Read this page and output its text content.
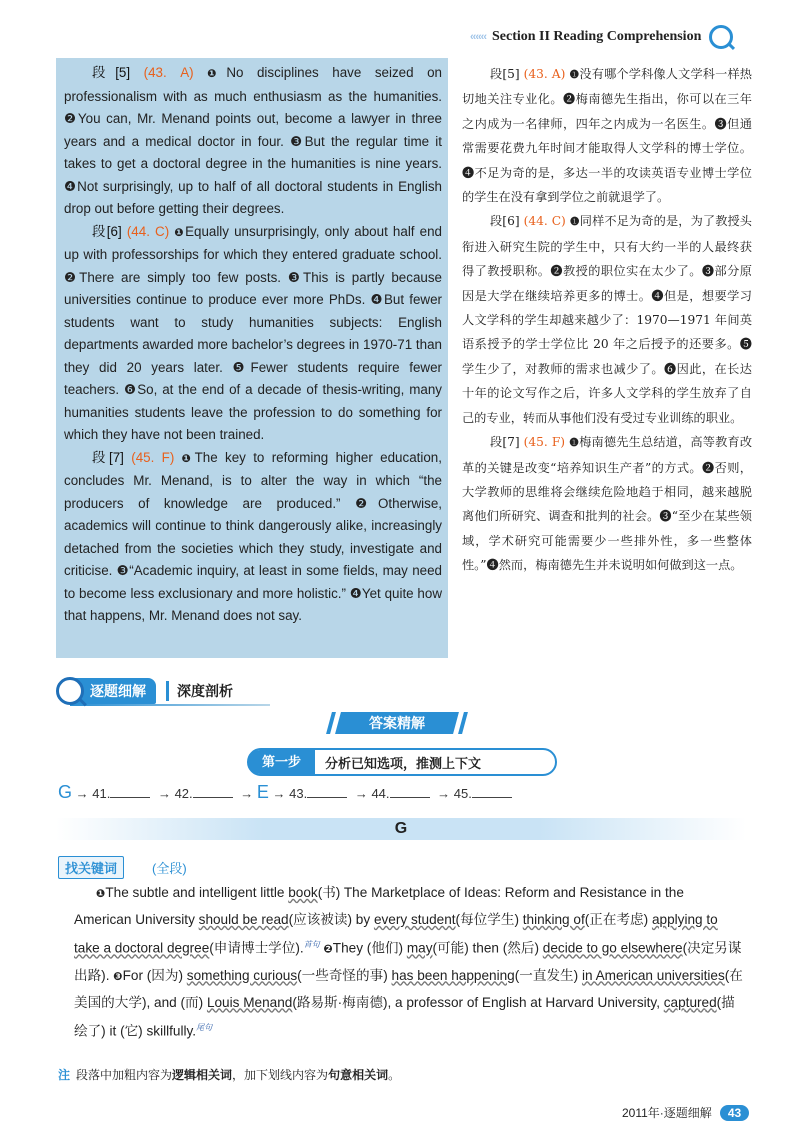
‹‹‹‹‹‹ Section II Reading Comprehension

段[5] (43. A) ❶No disciplines have seized on professionalism with as much enthusiasm as the humanities. ❷You can, Mr. Menand points out, become a lawyer in three years and a medical doctor in four. ❸But the regular time it takes to get a doctoral degree in the humanities is nine years. ❹Not surprisingly, up to half of all doctoral students in English drop out before getting their degrees.

段[6] (44. C) ❶Equally unsurprisingly, only about half end up with professorships for which they entered graduate school. ❷There are simply too few posts. ❸This is partly because universities continue to produce ever more PhDs. ❹But fewer students want to study humanities subjects: English departments awarded more bachelor’s degrees in 1970-71 than they did 20 years later. ❺Fewer students require fewer teachers. ❻So, at the end of a decade of thesis-writing, many humanities students leave the profession to do something for which they have not been trained.

段[7] (45. F) ❶The key to reforming higher education, concludes Mr. Menand, is to alter the way in which “the producers of knowledge are produced.” ❷Otherwise, academics will continue to think dangerously alike, increasingly detached from the societies which they study, investigate and criticise. ❸“Academic inquiry, at least in some fields, may need to become less exclusionary and more holistic.” ❹Yet quite how that happens, Mr. Menand does not say.

段[5] (43. A) ❶没有哪个学科像人文学科一样热切地关注专业化。❷梅南德先生指出，你可以在三年之内成为一名律师，四年之内成为一名医生。❸但通常需要花费九年时间才能取得人文学科的博士学位。❹不足为奇的是，多达一半的攻读英语专业博士学位的学生在没有拿到学位之前就退学了。

段[6] (44. C) ❶同样不足为奇的是，为了教授头衔进入研究生院的学生中，只有大约一半的人最终获得了教授职称。❷教授的职位实在太少了。❸部分原因是大学在继续培养更多的博士。❹但是，想要学习人文学科的学生却越来越少了：1970—1971 年间英语系授予的学士学位比 20 年之后授予的还要多。❺学生少了，对教师的需求也减少了。❻因此，在长达十年的论文写作之后，许多人文学科的学生放弃了自己的专业，转而从事他们没有受过专业训练的职业。

段[7] (45. F) ❶梅南德先生总结道，高等教育改革的关键是改变“培养知识生产者”的方式。❷否则，大学教师的思维将会继续危险地趋于相同，越来越脱离他们所研究、调查和批判的社会。❸“至少在某些领域，学术研究可能需要少一些排外性，多一些整体性。”❹然而，梅南德先生并未说明如何做到这一点。

逐题细解	深度剖析
答案精解
第一步	分析已知选项，推测上下文
G → 41.	→ 42.	→ E → 43.	→ 44.	→ 45.
G
找关键词	(全段)

❶The subtle and intelligent little book(书) The Marketplace of Ideas: Reform and Resistance in the American University should be read(应该被读) by every student(每位学生) thinking of(正在考虑) applying to take a doctoral degree(申请博士学位).$^{首句}$ ❷They (他们) may(可能) then (然后) decide to go elsewhere(决定另谋出路). ❸For (因为) something curious(一些奇怪的事) has been happening(一直发生) in American universities(在美国的大学), and (而) Louis Menand(路易斯·梅南德), a professor of English at Harvard University, captured(描绘了) it (它) skillfully.$^{尾句}$

注 段落中加粗内容为逻辑相关词，加下划线内容为句意相关词。
2011年·逐题细解	43
